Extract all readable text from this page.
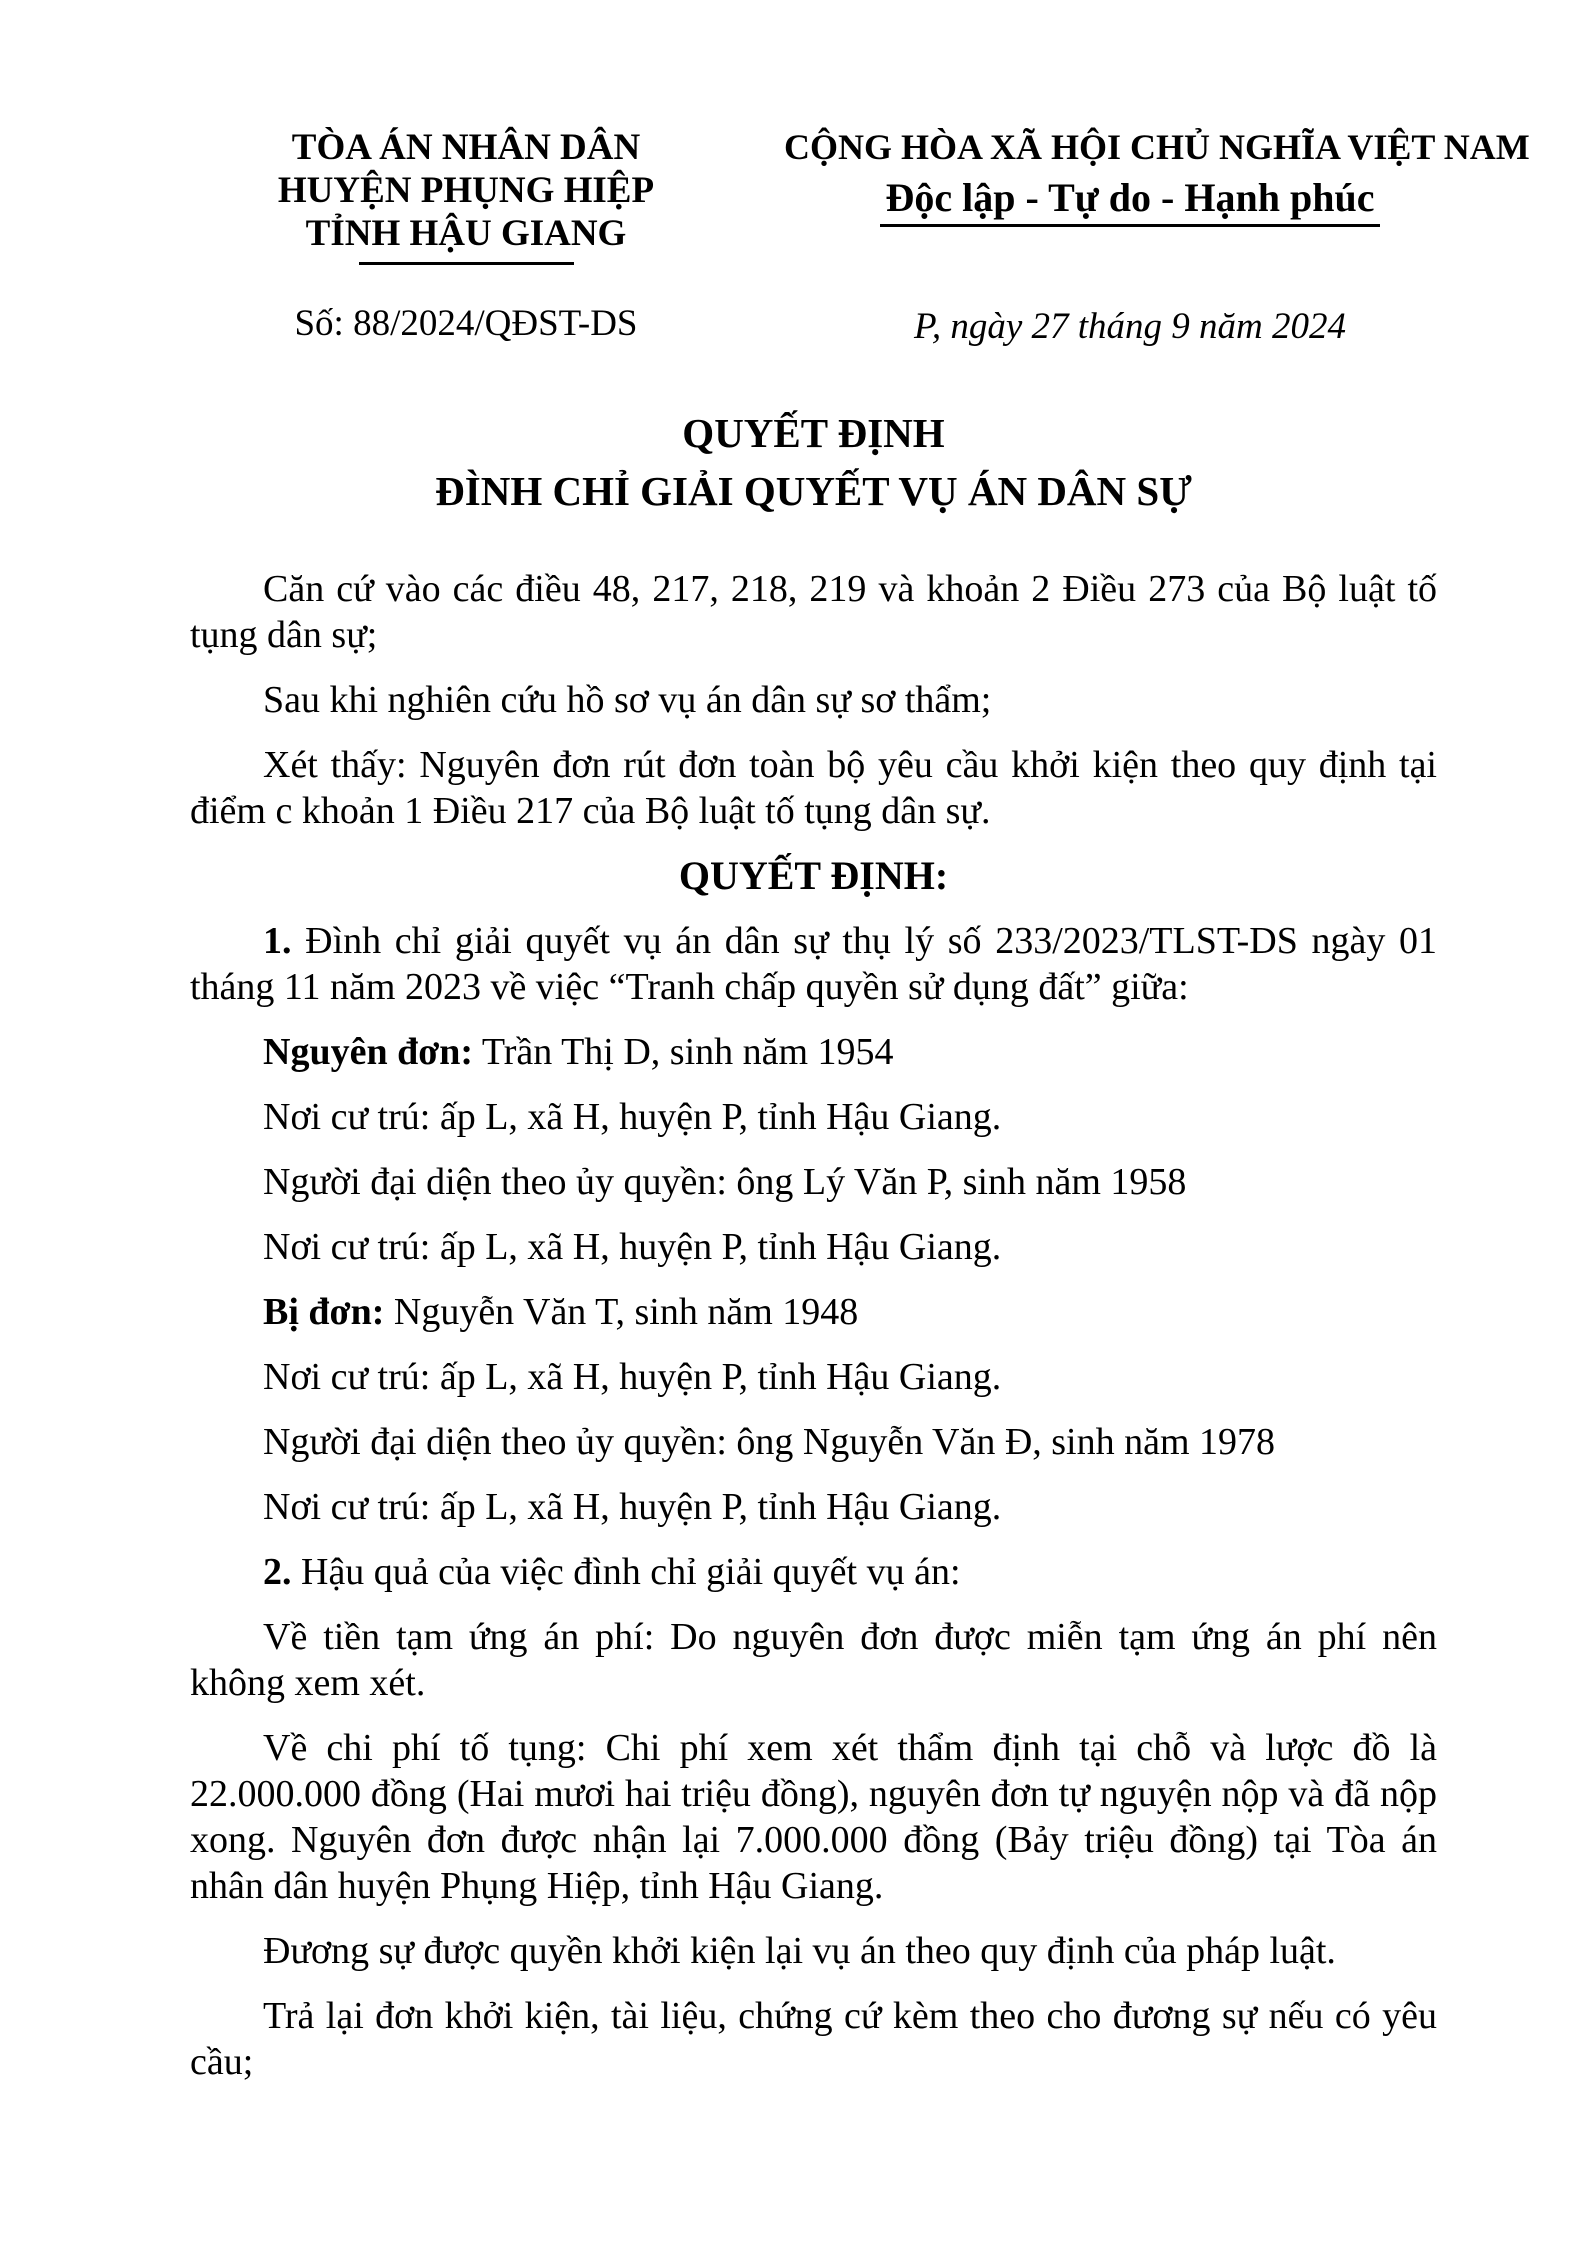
TÒA ÁN NHÂN DÂN
HUYỆN PHỤNG HIỆP
TỈNH HẬU GIANG
Số: 88/2024/QĐST-DS
CỘNG HÒA XÃ HỘI CHỦ NGHĨA VIỆT NAM
Độc lập - Tự do - Hạnh phúc
P, ngày 27 tháng 9 năm 2024
QUYẾT ĐỊNH
ĐÌNH CHỈ GIẢI QUYẾT VỤ ÁN DÂN SỰ

Căn cứ vào các điều 48, 217, 218, 219 và khoản 2 Điều 273 của Bộ luật tố tụng dân sự;

Sau khi nghiên cứu hồ sơ vụ án dân sự sơ thẩm;

Xét thấy: Nguyên đơn rút đơn toàn bộ yêu cầu khởi kiện theo quy định tại điểm c khoản 1 Điều 217 của Bộ luật tố tụng dân sự.

QUYẾT ĐỊNH:

1. Đình chỉ giải quyết vụ án dân sự thụ lý số 233/2023/TLST-DS ngày 01 tháng 11 năm 2023 về việc “Tranh chấp quyền sử dụng đất” giữa:

Nguyên đơn: Trần Thị D, sinh năm 1954

Nơi cư trú: ấp L, xã H, huyện P, tỉnh Hậu Giang.

Người đại diện theo ủy quyền: ông Lý Văn P, sinh năm 1958

Nơi cư trú: ấp L, xã H, huyện P, tỉnh Hậu Giang.

Bị đơn: Nguyễn Văn T, sinh năm 1948

Nơi cư trú: ấp L, xã H, huyện P, tỉnh Hậu Giang.

Người đại diện theo ủy quyền: ông Nguyễn Văn Đ, sinh năm 1978

Nơi cư trú: ấp L, xã H, huyện P, tỉnh Hậu Giang.

2. Hậu quả của việc đình chỉ giải quyết vụ án:

Về tiền tạm ứng án phí: Do nguyên đơn được miễn tạm ứng án phí nên không xem xét.

Về chi phí tố tụng: Chi phí xem xét thẩm định tại chỗ và lược đồ là 22.000.000 đồng (Hai mươi hai triệu đồng), nguyên đơn tự nguyện nộp và đã nộp xong. Nguyên đơn được nhận lại 7.000.000 đồng (Bảy triệu đồng) tại Tòa án nhân dân huyện Phụng Hiệp, tỉnh Hậu Giang.

Đương sự được quyền khởi kiện lại vụ án theo quy định của pháp luật.

Trả lại đơn khởi kiện, tài liệu, chứng cứ kèm theo cho đương sự nếu có yêu cầu;
